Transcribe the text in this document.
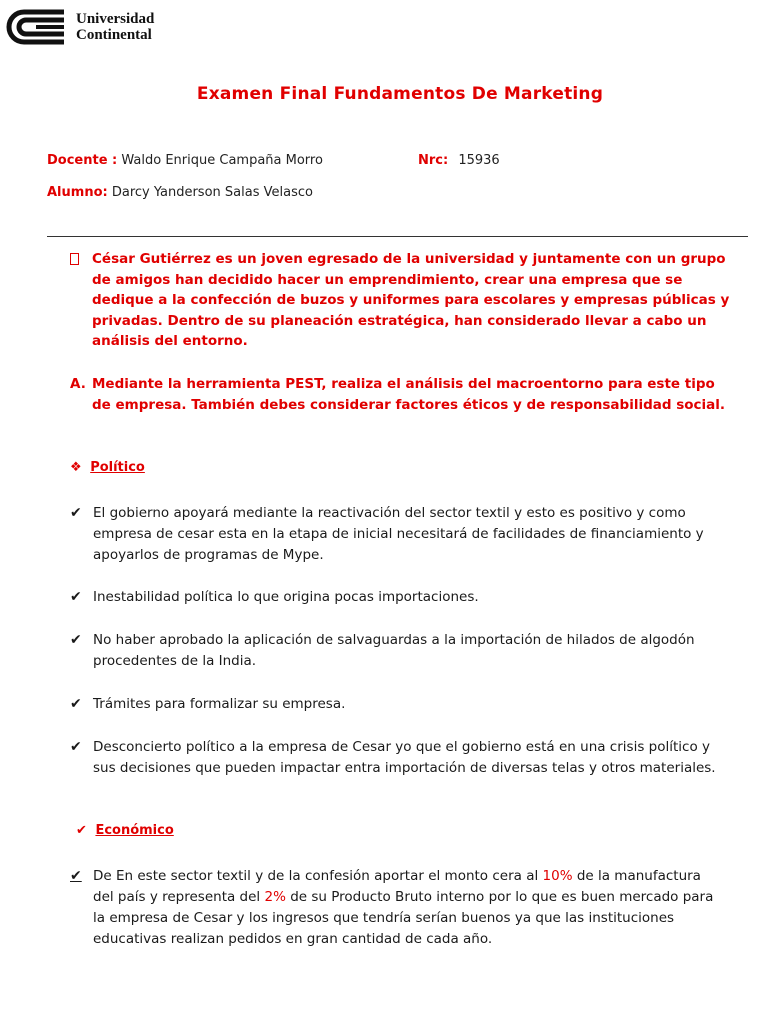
Universidad
Continental
Examen Final Fundamentos De Marketing
Docente : Waldo Enrique Campaña Morro	Nrc: 15936
Alumno: Darcy Yanderson Salas Velasco
César Gutiérrez es un joven egresado de la universidad y juntamente con un grupo de amigos han decidido hacer un emprendimiento, crear una empresa que se dedique a la confección de buzos y uniformes para escolares y empresas públicas y privadas. Dentro de su planeación estratégica, han considerado llevar a cabo un análisis del entorno.
A. Mediante la herramienta PEST, realiza el análisis del macroentorno para este tipo de empresa. También debes considerar factores éticos y de responsabilidad social.
❖ Político
✔ El gobierno apoyará mediante la reactivación del sector textil y esto es positivo y como empresa de cesar esta en la etapa de inicial necesitará de facilidades de financiamiento y apoyarlos de programas de Mype.
✔ Inestabilidad política lo que origina pocas importaciones.
✔ No haber aprobado la aplicación de salvaguardas a la importación de hilados de algodón procedentes de la India.
✔ Trámites para formalizar su empresa.
✔ Desconcierto político a la empresa de Cesar yo que el gobierno está en una crisis político y sus decisiones que pueden impactar entra importación de diversas telas y otros materiales.
✔ Económico
✔ De En este sector textil y de la confesión aportar el monto cera al 10% de la manufactura del país y representa del 2% de su Producto Bruto interno por lo que es buen mercado para la empresa de Cesar y los ingresos que tendría serían buenos ya que las instituciones educativas realizan pedidos en gran cantidad de cada año.
